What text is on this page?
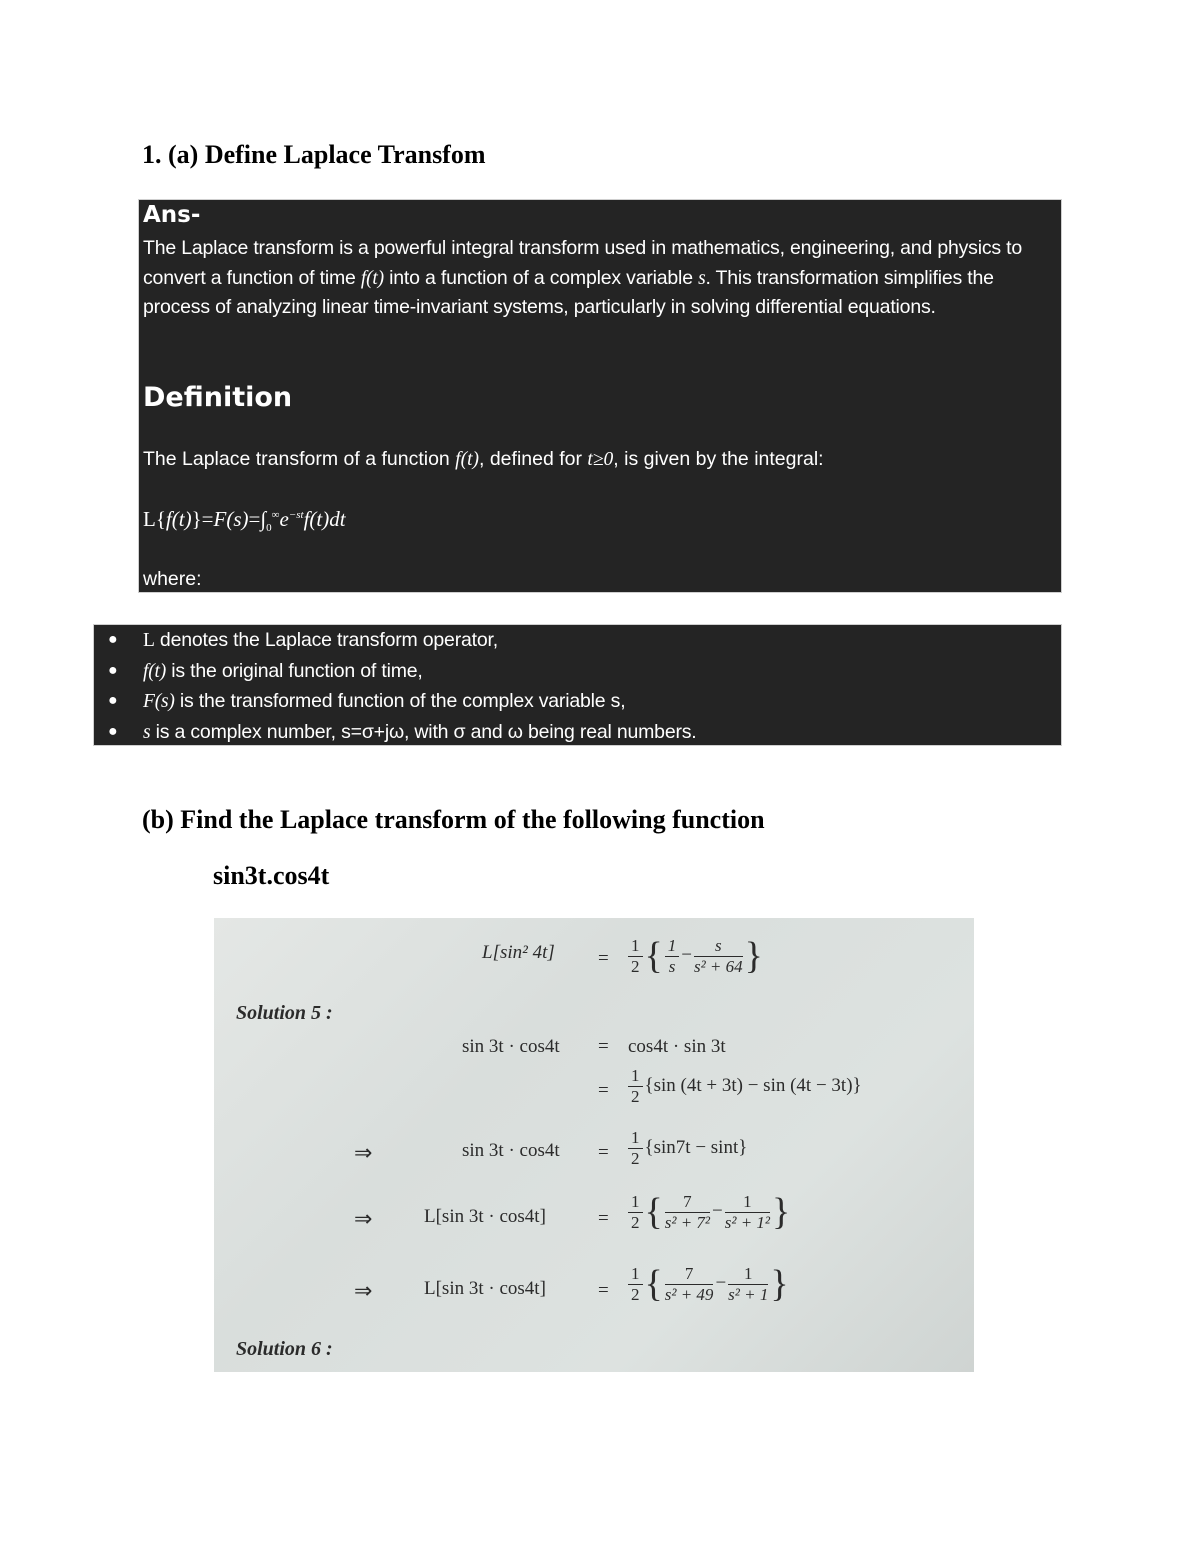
1. (a) Define Laplace Transfom
Ans-
The Laplace transform is a powerful integral transform used in mathematics, engineering, and physics to convert a function of time f(t) into a function of a complex variable s. This transformation simplifies the process of analyzing linear time-invariant systems, particularly in solving differential equations.
Definition
The Laplace transform of a function f(t), defined for t≥0, is given by the integral:
$L\{f(t)\}=F(s)=\int_0^\infty e^{-st}f(t)dt$
where:
● L denotes the Laplace transform operator,
● f(t) is the original function of time,
● F(s) is the transformed function of the complex variable s,
● s is a complex number, s=σ+jω, with σ and ω being real numbers.
(b) Find the Laplace transform of the following function
sin3t.cos4t
L[sin² $4t] = \frac{1}{2}$ { $\frac{1}{s} - \frac{s}{\text{s² + 64}}$ }
Solution 5 :
sin 3t · cos4t = cos4t · sin 3t
= $\frac{1}{2} \{\sin$ (4t + 3t) − sin (4t − 3t)}
⇒	$\sin 3t \cdot \cos 4t = \frac{1}{2} \{\sin 7t - \sin t\}$
⇒	L[sin 3t · cos4t]	= $\frac{1}{2}$ { $\frac{7}{\text{s² + 7²}} - \frac{1}{\text{s² + 1²}}$ }
⇒	L[sin 3t · cos4t]	= $\frac{1}{2}$ { $\frac{7}{\text{s² + 49}} - \frac{1}{\text{s² + 1}}$ }
Solution 6 :
